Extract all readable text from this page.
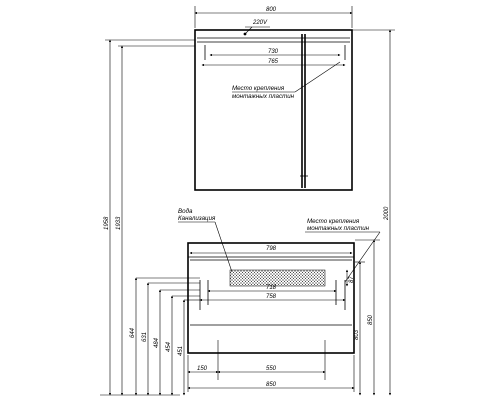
800
220V
730
765
Место крепления
монтажных пластин
1958 1933
644 631
484 454 451
2000
850
803
798
718
758
87
150	550
850
Вода
Канализация	Место крепления
монтажных пластин
